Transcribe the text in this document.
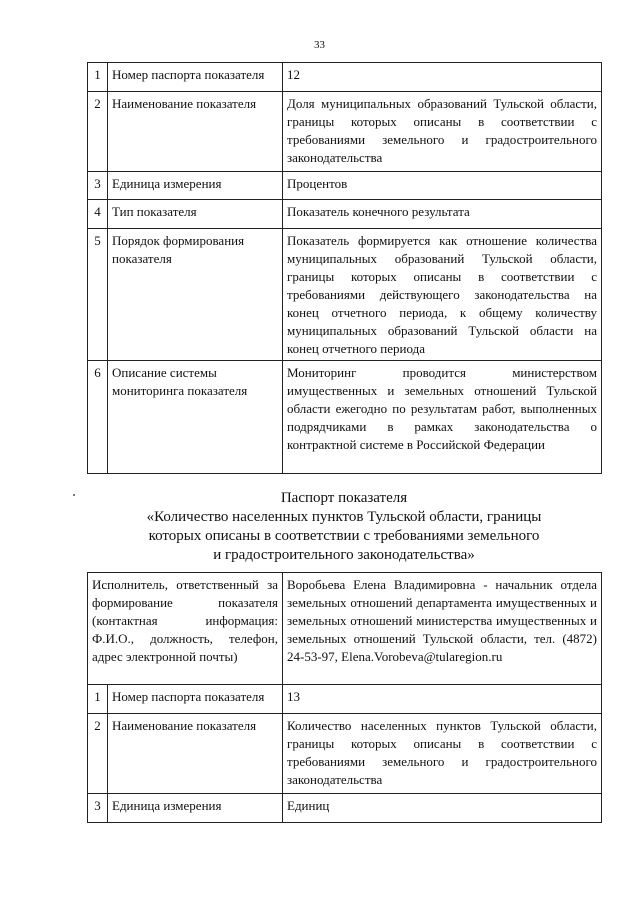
33
1	Номер паспорта показателя	12
2	Наименование показателя	Доля муниципальных образований Тульской области, границы которых описаны в соответствии с требованиями земельного и градостроительного законодательства
3	Единица измерения	Процентов
4	Тип показателя	Показатель конечного результата
5	Порядок формирования показателя	Показатель формируется как отношение количества муниципальных образований Тульской области, границы которых описаны в соответствии с требованиями действующего законодательства на конец отчетного периода, к общему количеству муниципальных образований Тульской области на конец отчетного периода
6	Описание системы мониторинга показателя	Мониторинг проводится министерством имущественных и земельных отношений Тульской области ежегодно по результатам работ, выполненных подрядчиками в рамках законодательства о контрактной системе в Российской Федерации
Паспорт показателя
«Количество населенных пунктов Тульской области, границы
которых описаны в соответствии с требованиями земельного
и градостроительного законодательства»
Исполнитель, ответственный за формирование показателя (контактная информация: Ф.И.О., должность, телефон, адрес электронной почты)		Воробьева Елена Владимировна - начальник отдела земельных отношений департамента имущественных и земельных отношений министерства имущественных и земельных отношений Тульской области, тел. (4872) 24-53-97, Elena.Vorobeva@tularegion.ru
1	Номер паспорта показателя	13
2	Наименование показателя	Количество населенных пунктов Тульской области, границы которых описаны в соответствии с требованиями земельного и градостроительного законодательства
3	Единица измерения	Единиц
